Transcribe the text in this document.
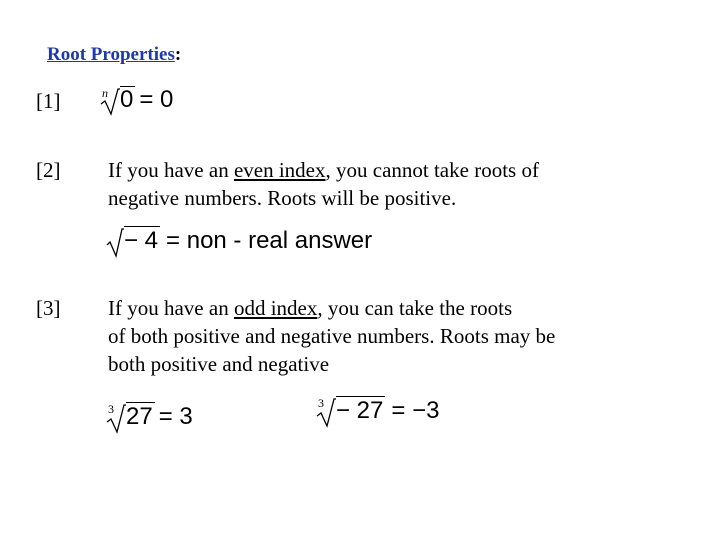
Root Properties:
[1]	n 0 = 0
[2] If you have an even index, you cannot take roots of
negative numbers. Roots will be positive.
− 4 = non - real answer
[3] If you have an odd index, you can take the roots
of both positive and negative numbers. Roots may be
both positive and negative
3 27 = 3
3 − 27 = −3
